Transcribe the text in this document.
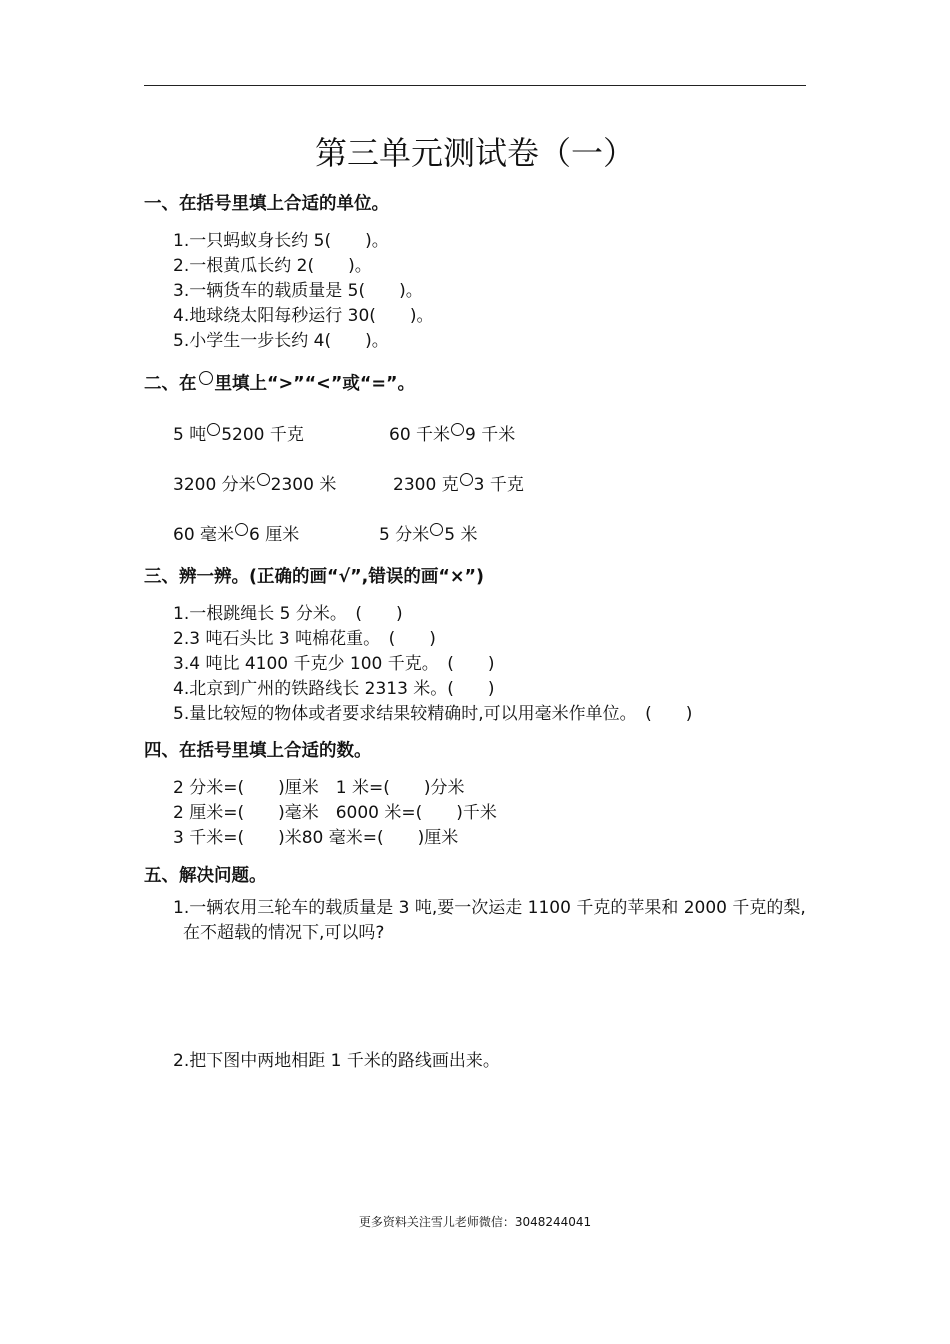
第三单元测试卷（一）
一、在括号里填上合适的单位。
1.一只蚂蚁身长约 5(　　)。
2.一根黄瓜长约 2(　　)。
3.一辆货车的载质量是 5(　　)。
4.地球绕太阳每秒运行 30(　　)。
5.小学生一步长约 4(　　)。
二、在 里填上“>”“<”或“=”。
5 吨 5200 千克	60 千米 9 千米
3200 分米 2300 米	2300 克 3 千克
60 毫米 6 厘米	5 分米 5 米
三、辨一辨。(正确的画“√”,错误的画“×”)
1.一根跳绳长 5 分米。　(　　)
2.3 吨石头比 3 吨棉花重。　(　　)
3.4 吨比 4100 千克少 100 千克。　(　　)
4.北京到广州的铁路线长 2313 米。(　　)
5.量比较短的物体或者要求结果较精确时,可以用毫米作单位。　(　　)
四、在括号里填上合适的数。
2 分米=(　　)厘米　1 米=(　　)分米
2 厘米=(　　)毫米　6000 米=(　　)千米
3 千米=(　　)米80 毫米=(　　)厘米
五、解决问题。
1.一辆农用三轮车的载质量是 3 吨,要一次运走 1100 千克的苹果和 2000 千克的梨,在不超载的情况下,可以吗?
2.把下图中两地相距 1 千米的路线画出来。
更多资料关注雪儿老师微信：3048244041
